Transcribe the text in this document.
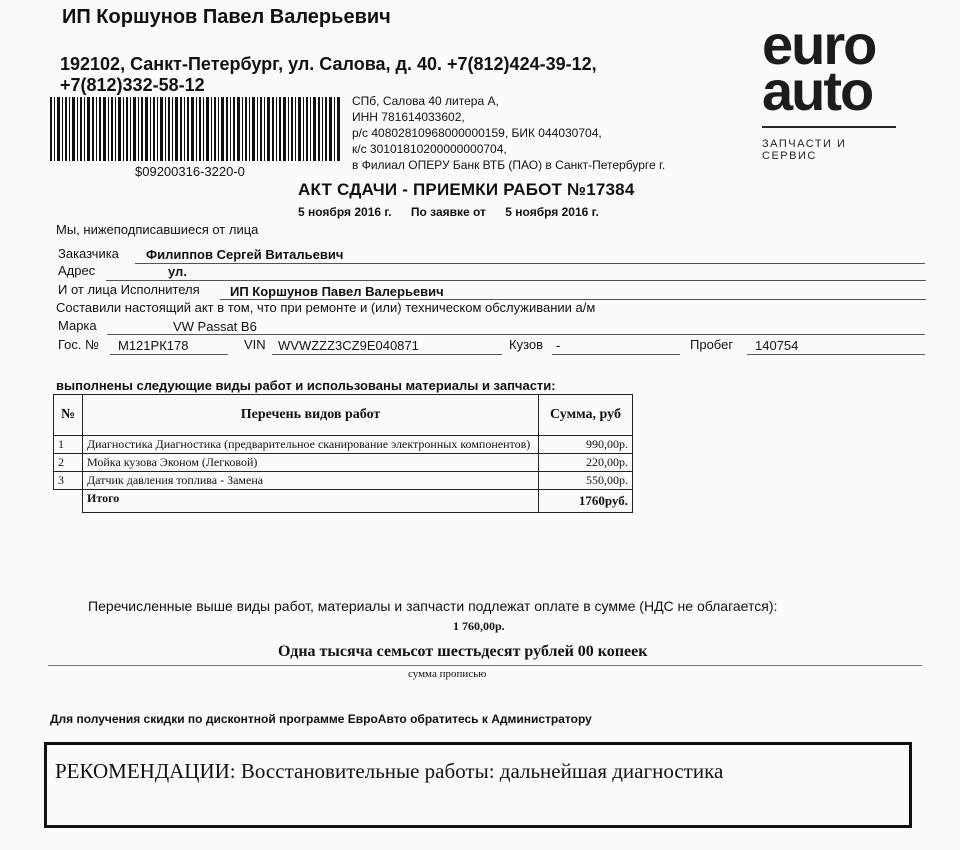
ИП Коршунов Павел Валерьевич
192102, Санкт-Петербург, ул. Салова, д. 40. +7(812)424-39-12,
+7(812)332-58-12
$09200316-3220-0
СПб, Салова 40 литера А,
ИНН 781614033602,
р/с 40802810968000000159, БИК 044030704,
к/с 30101810200000000704,
в Филиал ОПЕРУ Банк ВТБ (ПАО) в Санкт-Петербурге г.
euro
auto
ЗАПЧАСТИ И СЕРВИС
АКТ СДАЧИ - ПРИЕМКИ РАБОТ №17384
5 ноября 2016 г. По заявке от 5 ноября 2016 г.
Мы, нижеподписавшиеся от лица
Заказчика Филиппов Сергей Витальевич
Адрес	ул.
И от лица Исполнителя ИП Коршунов Павел Валерьевич
Составили настоящий акт в том, что при ремонте и (или) техническом обслуживании а/м
Марка	VW Passat B6
Гос. № М121РК178	VIN WVWZZZ3CZ9E040871	Кузов -	Пробег 140754
выполнены следующие виды работ и использованы материалы и запчасти:
№	Перечень видов работ	Сумма, руб
1	Диагностика Диагностика (предварительное сканирование электронных компонентов)	990,00р.
2	Мойка кузова Эконом (Легковой)	220,00р.
3	Датчик давления топлива - Замена	550,00р.
	Итого	1760руб.
Перечисленные выше виды работ, материалы и запчасти подлежат оплате в сумме (НДС не облагается):
1 760,00р.
Одна тысяча семьсот шестьдесят рублей 00 копеек
сумма прописью
Для получения скидки по дисконтной программе ЕвроАвто обратитесь к Администратору
РЕКОМЕНДАЦИИ: Восстановительные работы: дальнейшая диагностика
